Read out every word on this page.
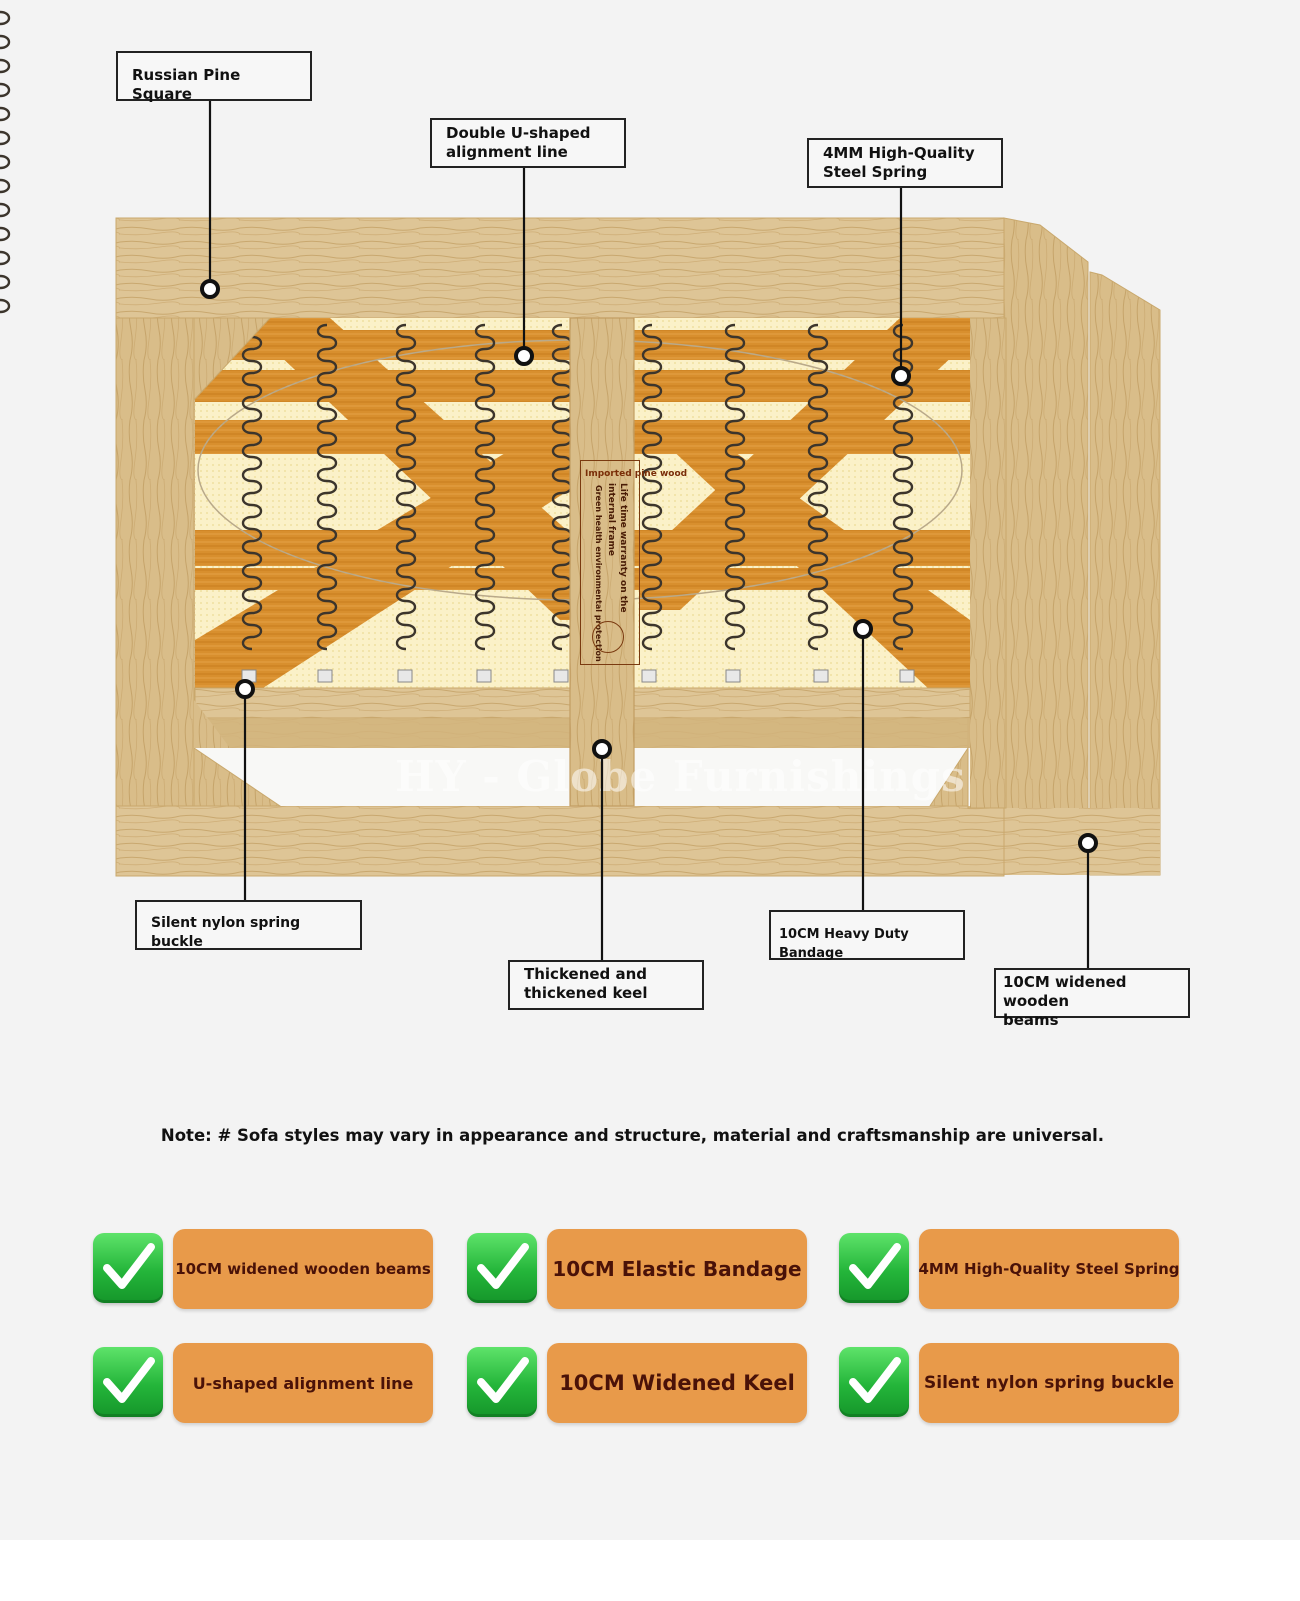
Imported pine wood
Life time warranty on the
internal frame
Green health environmental protection
HY - Globe Furnishings
Russian Pine Square
Double U-shaped
alignment line	4MM High-Quality
Steel Spring
Silent nylon spring buckle
Thickened and
thickened keel
10CM Heavy Duty Bandage
10CM widened wooden
beams
Note: # Sofa styles may vary in appearance and structure, material and craftsmanship are universal.
10CM widened wooden beams	10CM Elastic Bandage	4MM High-Quality Steel Spring
U-shaped alignment line	10CM Widened Keel	Silent nylon spring buckle
